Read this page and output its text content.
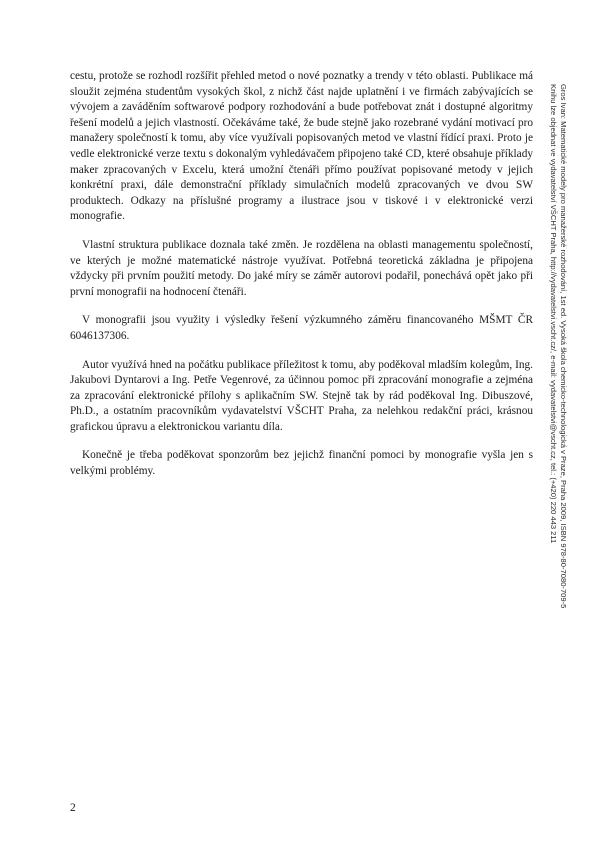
cestu, protože se rozhodl rozšířit přehled metod o nové poznatky a trendy v této oblasti. Publikace má sloužit zejména studentům vysokých škol, z nichž část najde uplatnění i ve firmách zabývajících se vývojem a zaváděním softwarové podpory rozhodování a bude potřebovat znát i dostupné algoritmy řešení modelů a jejich vlastností. Očekáváme také, že bude stejně jako rozebrané vydání motivací pro manažery společností k tomu, aby více využívali popisovaných metod ve vlastní řídící praxi. Proto je vedle elektronické verze textu s dokonalým vyhledávačem připojeno také CD, které obsahuje příklady maker zpracovaných v Excelu, která umožní čtenáři přímo používat popisované metody v jejich konkrétní praxi, dále demonstrační příklady simulačních modelů zpracovaných ve dvou SW produktech. Odkazy na příslušné programy a ilustrace jsou v tiskové i v elektronické verzi monografie.

Vlastní struktura publikace doznala také změn. Je rozdělena na oblasti managementu společností, ve kterých je možné matematické nástroje využívat. Potřebná teoretická základna je připojena vždycky při prvním použití metody. Do jaké míry se záměr autorovi podařil, ponechává opět jako při první monografii na hodnocení čtenáři.

V monografii jsou využity i výsledky řešení výzkumného záměru financovaného MŠMT ČR 6046137306.

Autor využívá hned na počátku publikace příležitost k tomu, aby poděkoval mladším kolegům, Ing. Jakubovi Dyntarovi a Ing. Petře Vegenrové, za účinnou pomoc při zpracování monografie a zejména za zpracování elektronické přílohy s aplikačním SW. Stejně tak by rád poděkoval Ing. Dibuszové, Ph.D., a ostatním pracovníkům vydavatelství VŠCHT Praha, za nelehkou redakční práci, krásnou grafickou úpravu a elektronickou variantu díla.

Konečně je třeba poděkovat sponzorům bez jejichž finanční pomoci by monografie vyšla jen s velkými problémy.

2
Gros Ivan: Matematické modely pro manažerské rozhodování, 1st ed. Vysoká škola chemicko-technologická v Praze, Praha 2009, ISBN 978-80-7080-709-5
Knihu lze objednat ve vydavatelství VŠCHT Praha, http://vydavatelstvi.vscht.cz/, e-mail: vydavatelstvi@vscht.cz, tel.: (+420) 220 443 211
